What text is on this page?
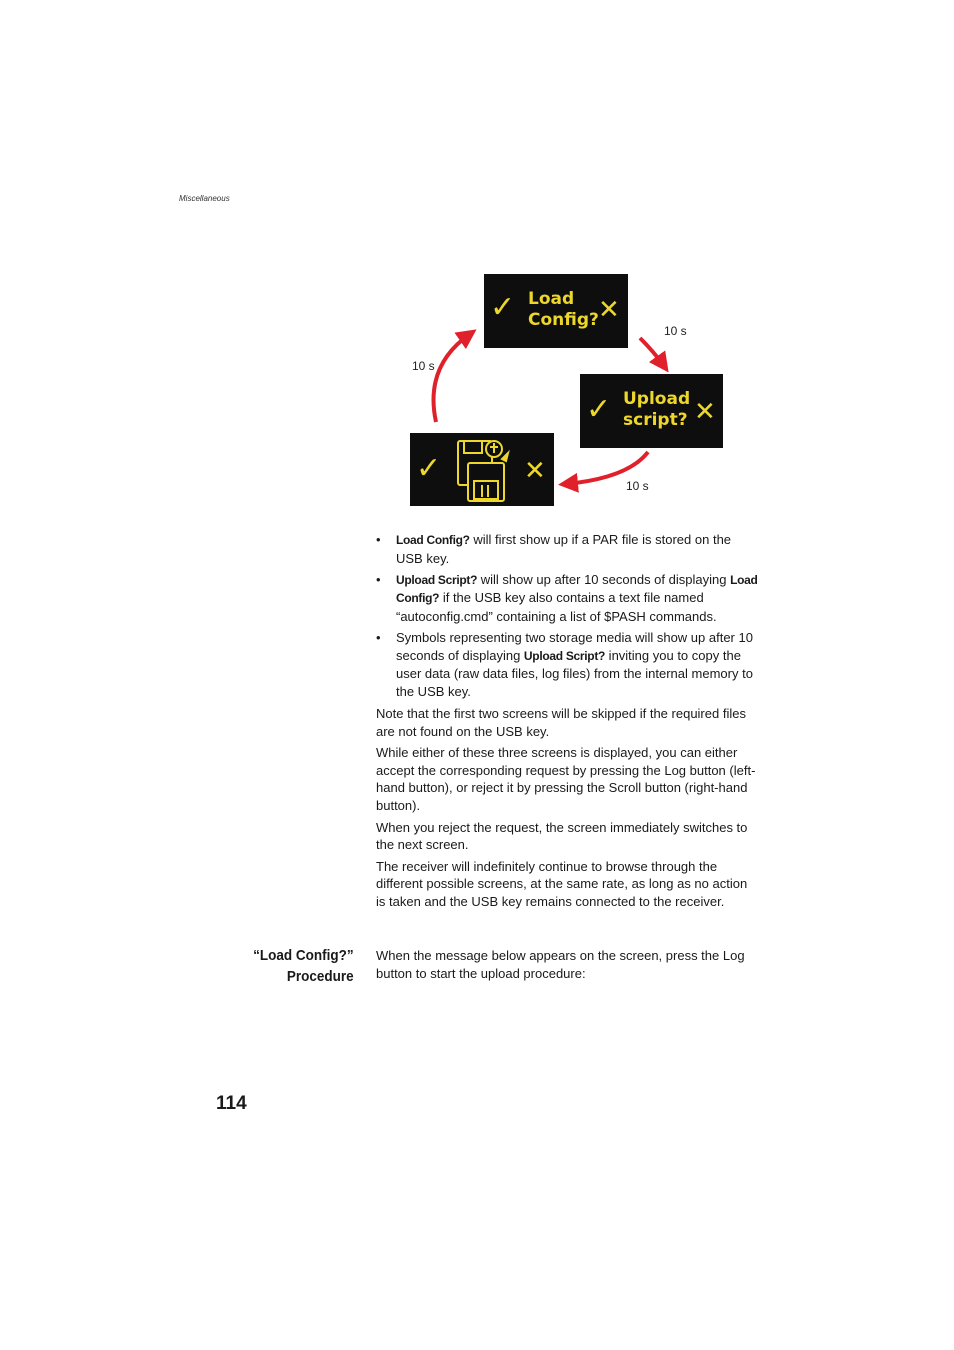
Miscellaneous
✓ Load
Config? ✕
✓ Upload
script? ✕
✓	✕
10 s
10 s
10 s
• Load Config? will first show up if a PAR file is stored on the USB key.
• Upload Script? will show up after 10 seconds of displaying Load Config? if the USB key also contains a text file named “autoconfig.cmd” containing a list of $PASH commands.
• Symbols representing two storage media will show up after 10 seconds of displaying Upload Script? inviting you to copy the user data (raw data files, log files) from the internal memory to the USB key.

Note that the first two screens will be skipped if the required files are not found on the USB key.

While either of these three screens is displayed, you can either accept the corresponding request by pressing the Log button (left-hand button), or reject it by pressing the Scroll button (right-hand button).

When you reject the request, the screen immediately switches to the next screen.

The receiver will indefinitely continue to browse through the different possible screens, at the same rate, as long as no action is taken and the USB key remains connected to the receiver.

“Load Config?”
Procedure
When the message below appears on the screen, press the Log button to start the upload procedure:
114
